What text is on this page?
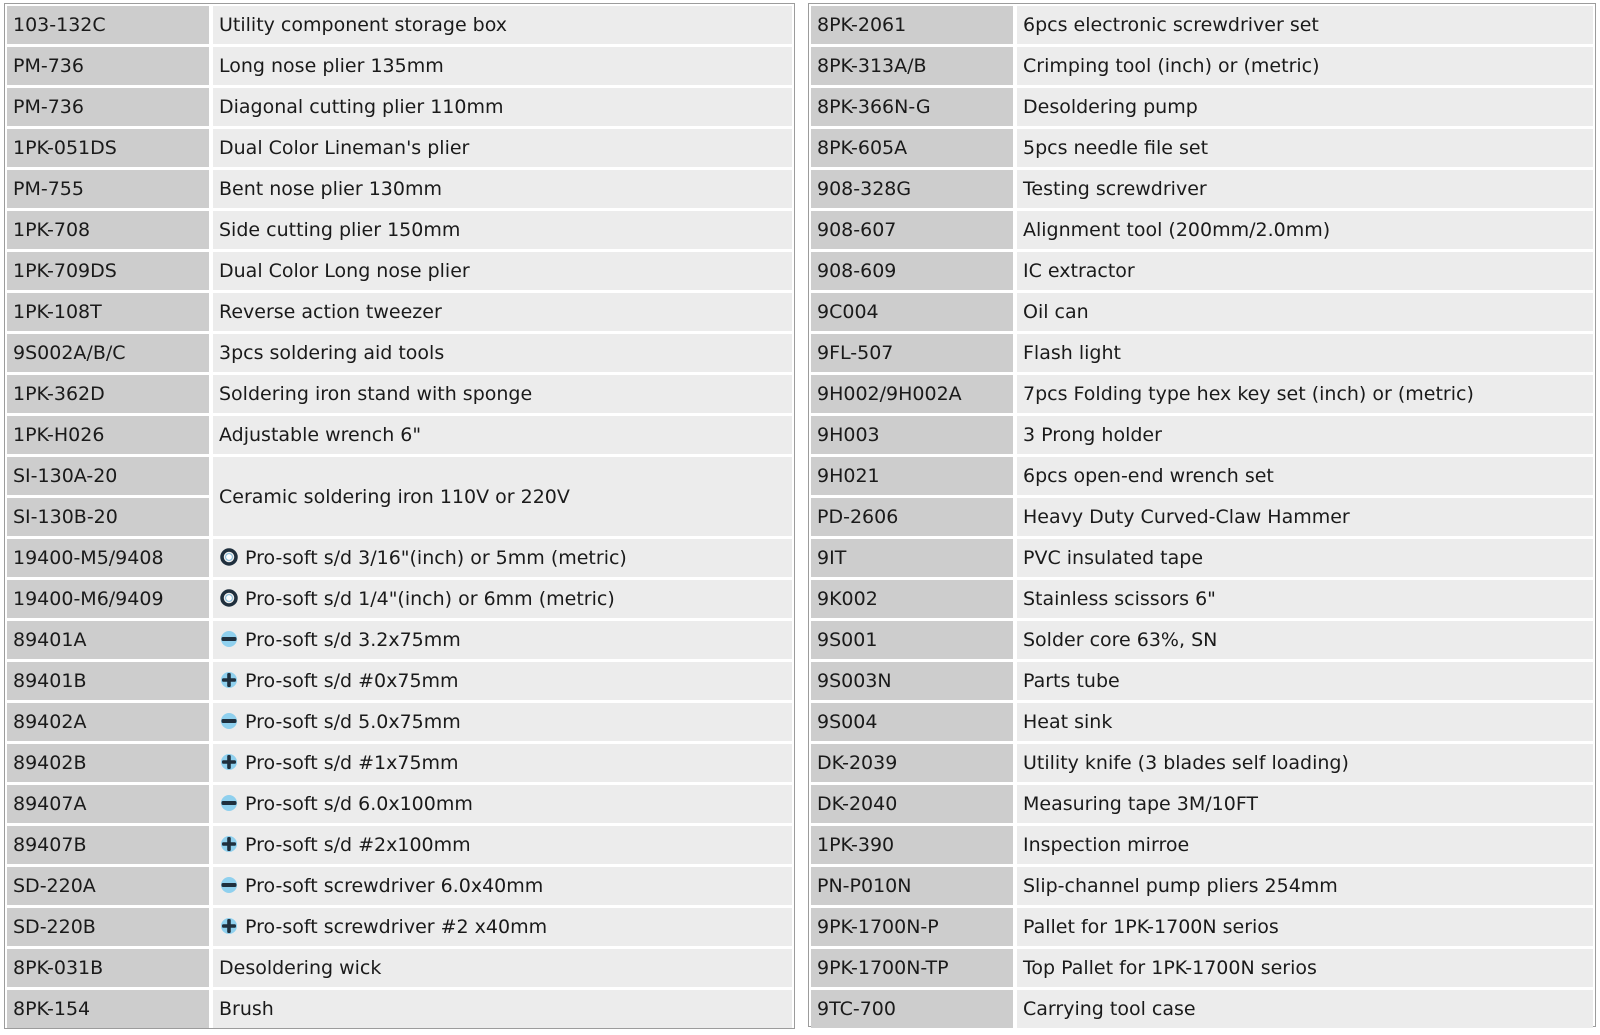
103-132C	Utility component storage box
PM-736	Long nose plier 135mm
PM-736	Diagonal cutting plier 110mm
1PK-051DS	Dual Color Lineman's plier
PM-755	Bent nose plier 130mm
1PK-708	Side cutting plier 150mm
1PK-709DS	Dual Color Long nose plier
1PK-108T	Reverse action tweezer
9S002A/B/C	3pcs soldering aid tools
1PK-362D	Soldering iron stand with sponge
1PK-H026	Adjustable wrench 6"
SI-130A-20	Ceramic soldering iron 110V or 220V
SI-130B-20	
19400-M5/9408	Pro-soft s/d 3/16"(inch) or 5mm (metric)
19400-M6/9409	Pro-soft s/d 1/4"(inch) or 6mm (metric)
89401A	Pro-soft s/d 3.2x75mm
89401B	Pro-soft s/d #0x75mm
89402A	Pro-soft s/d 5.0x75mm
89402B	Pro-soft s/d #1x75mm
89407A	Pro-soft s/d 6.0x100mm
89407B	Pro-soft s/d #2x100mm
SD-220A	Pro-soft screwdriver 6.0x40mm
SD-220B	Pro-soft screwdriver #2 x40mm
8PK-031B	Desoldering wick
8PK-154	Brush
8PK-2061	6pcs electronic screwdriver set
8PK-313A/B	Crimping tool (inch) or (metric)
8PK-366N-G	Desoldering pump
8PK-605A	5pcs needle file set
908-328G	Testing screwdriver
908-607	Alignment tool (200mm/2.0mm)
908-609	IC extractor
9C004	Oil can
9FL-507	Flash light
9H002/9H002A	7pcs Folding type hex key set (inch) or (metric)
9H003	3 Prong holder
9H021	6pcs open-end wrench set
PD-2606	Heavy Duty Curved-Claw Hammer
9IT	PVC insulated tape
9K002	Stainless scissors 6"
9S001	Solder core 63%, SN
9S003N	Parts tube
9S004	Heat sink
DK-2039	Utility knife (3 blades self loading)
DK-2040	Measuring tape 3M/10FT
1PK-390	Inspection mirroe
PN-P010N	Slip-channel pump pliers 254mm
9PK-1700N-P	Pallet for 1PK-1700N serios
9PK-1700N-TP	Top Pallet for 1PK-1700N serios
9TC-700	Carrying tool case
